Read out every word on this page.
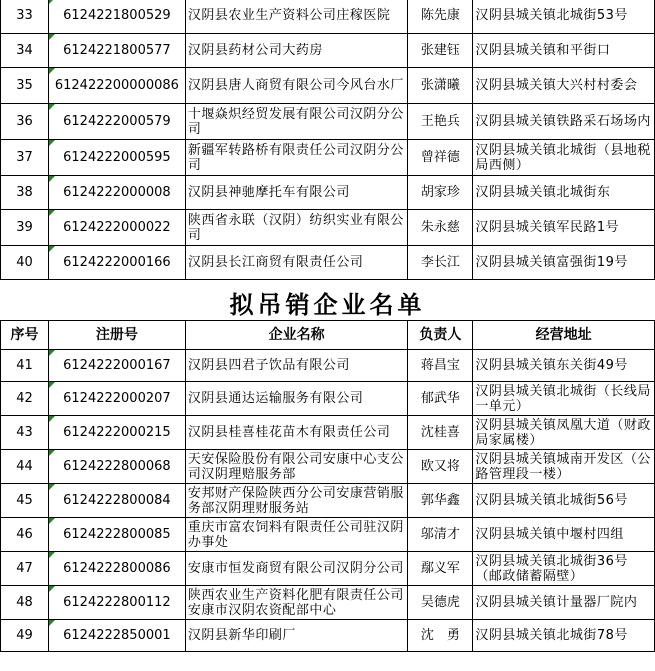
33	6124221800529	汉阴县农业生产资料公司庄稼医院	陈先康	汉阴县城关镇北城街53号
34	6124221800577	汉阴县药材公司大药房	张建钰	汉阴县城关镇和平街口
35	612422200000086	汉阴县唐人商贸有限公司今风台水厂	张潇曦	汉阴县城关镇大兴村村委会
36	6124222000579	十堰焱炽经贸发展有限公司汉阴分公司	王艳兵	汉阴县城关镇铁路采石场场内
37	6124222000595	新疆军转路桥有限责任公司汉阴分公司	曾祥德	汉阴县城关镇北城街（县地税局西侧）
38	6124222000008	汉阴县神驰摩托车有限公司	胡家珍	汉阴县城关镇北城街东
39	6124222000022	陕西省永联（汉阴）纺织实业有限公司	朱永慈	汉阴县城关镇军民路1号
40	6124222000166	汉阴县长江商贸有限责任公司	李长江	汉阴县城关镇富强街19号
拟吊销企业名单
序号	注册号	企业名称	负责人	经营地址
41	6124222000167	汉阴县四君子饮品有限公司	蒋昌宝	汉阴县城关镇东关街49号
42	6124222000207	汉阴县通达运输服务有限公司	郁武华	汉阴县城关镇北城街（长线局一单元）
43	6124222000215	汉阴县桂喜桂花苗木有限责任公司	沈桂喜	汉阴县城关镇凤凰大道（财政局家属楼）
44	6124222800068	天安保险股份有限公司安康中心支公司汉阴理赔服务部	欧又将	汉阴县城关镇城南开发区（公路管理段一楼）
45	6124222800084	安邦财产保险陕西分公司安康营销服务部汉阴理财服务站	郭华鑫	汉阴县城关镇北城街56号
46	6124222800085	重庆市富农饲料有限责任公司驻汉阴办事处	邬清才	汉阴县城关镇中堰村四组
47	6124222800086	安康市恒发商贸有限公司汉阴分公司	鄢义军	汉阴县城关镇北城街36号（邮政储蓄隔壁）
48	6124222800112	陕西农业生产资料化肥有限责任公司安康市汉阴农资配部中心	吴德虎	汉阴县城关镇计量器厂院内
49	6124222850001	汉阴县新华印刷厂	沈　勇	汉阴县城关镇北城街78号
